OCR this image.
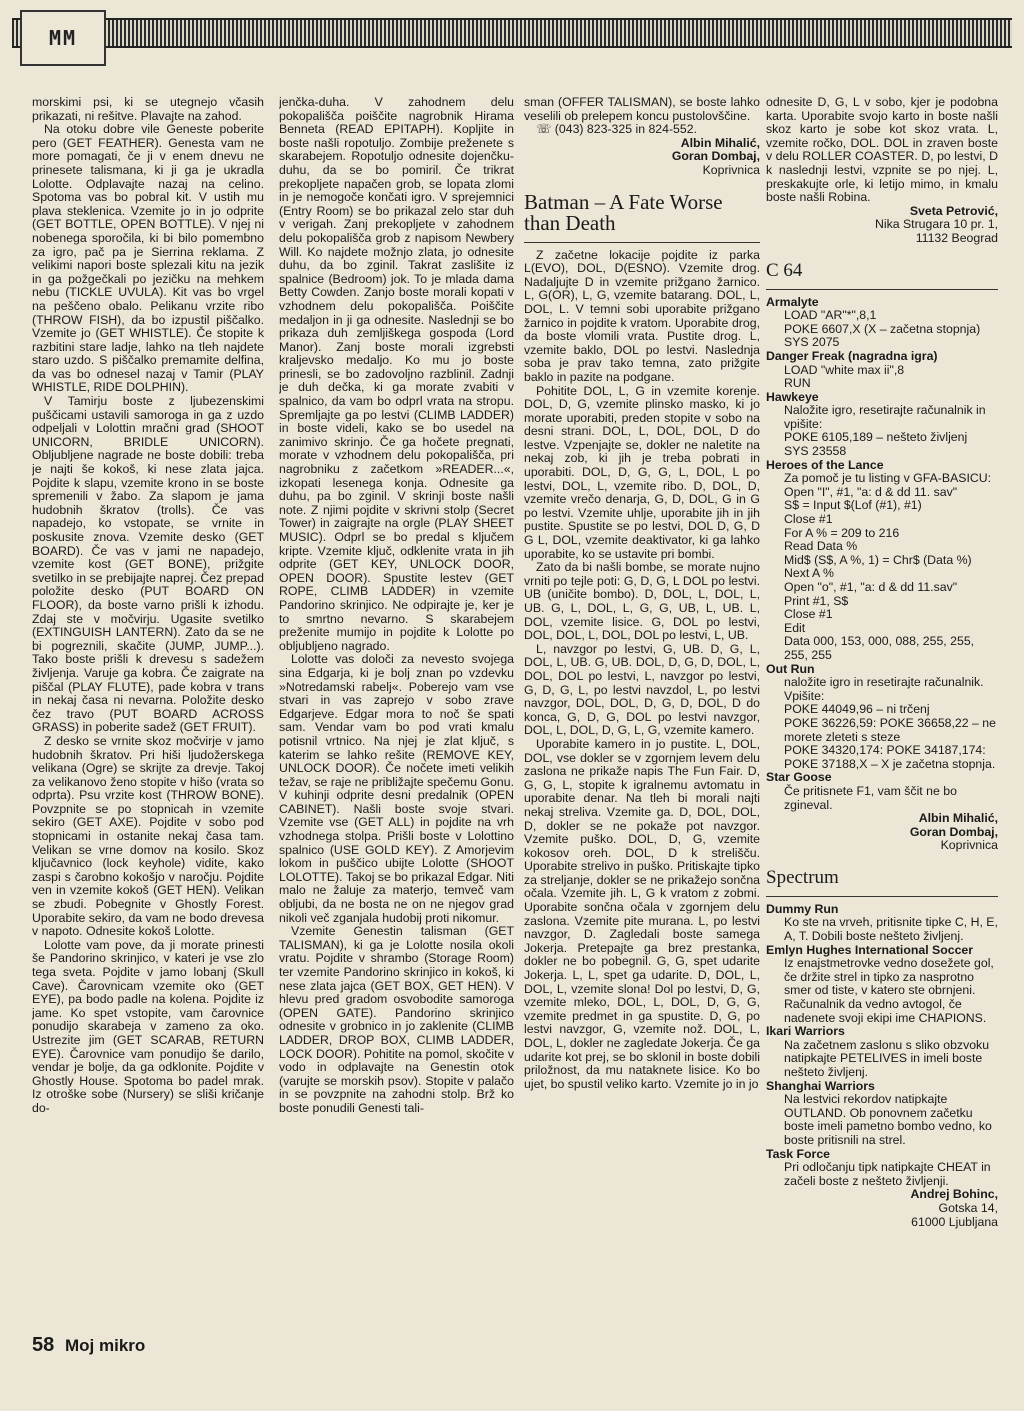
MM

morskimi psi, ki se utegnejo včasih prikazati, ni rešitve. Plavajte na zahod.

Na otoku dobre vile Geneste poberite pero (GET FEATHER). Genesta vam ne more pomagati, če ji v enem dnevu ne prinesete talismana, ki ji ga je ukradla Lolotte. Odplavajte nazaj na celino. Spotoma vas bo pobral kit. V ustih mu plava steklenica. Vzemite jo in jo odprite (GET BOTTLE, OPEN BOTTLE). V njej ni nobenega sporočila, ki bi bilo pomembno za igro, pač pa je Sierrina reklama. Z velikimi napori boste splezali kitu na jezik in ga požgečkali po jezičku na mehkem nebu (TICKLE UVULA). Kit vas bo vrgel na peščeno obalo. Pelikanu vrzite ribo (THROW FISH), da bo izpustil piščalko. Vzemite jo (GET WHISTLE). Če stopite k razbitini stare ladje, lahko na tleh najdete staro uzdo. S piščalko premamite delfina, da vas bo odnesel nazaj v Tamir (PLAY WHISTLE, RIDE DOLPHIN).

V Tamirju boste z ljubezenskimi puščicami ustavili samoroga in ga z uzdo odpeljali v Lolottin mračni grad (SHOOT UNICORN, BRIDLE UNICORN). Obljubljene nagrade ne boste dobili: treba je najti še kokoš, ki nese zlata jajca. Pojdite k slapu, vzemite krono in se boste spremenili v žabo. Za slapom je jama hudobnih škratov (trolls). Če vas napadejo, ko vstopate, se vrnite in poskusite znova. Vzemite desko (GET BOARD). Če vas v jami ne napadejo, vzemite kost (GET BONE), prižgite svetilko in se prebijajte naprej. Čez prepad položite desko (PUT BOARD ON FLOOR), da boste varno prišli k izhodu. Zdaj ste v močvirju. Ugasite svetilko (EXTINGUISH LANTERN). Zato da se ne bi pogreznili, skačite (JUMP, JUMP...). Tako boste prišli k drevesu s sadežem življenja. Varuje ga kobra. Če zaigrate na piščal (PLAY FLUTE), pade kobra v trans in nekaj časa ni nevarna. Položite desko čez travo (PUT BOARD ACROSS GRASS) in poberite sadež (GET FRUIT).

Z desko se vrnite skoz močvirje v jamo hudobnih škratov. Pri hiši ljudožerskega velikana (Ogre) se skrijte za drevje. Takoj za velikanovo ženo stopite v hišo (vrata so odprta). Psu vrzite kost (THROW BONE). Povzpnite se po stopnicah in vzemite sekiro (GET AXE). Pojdite v sobo pod stopnicami in ostanite nekaj časa tam. Velikan se vrne domov na kosilo. Skoz ključavnico (lock keyhole) vidite, kako zaspi s čarobno kokošjo v naročju. Pojdite ven in vzemite kokoš (GET HEN). Velikan se zbudi. Pobegnite v Ghostly Forest. Uporabite sekiro, da vam ne bodo drevesa v napoto. Odnesite kokoš Lolotte.

Lolotte vam pove, da ji morate prinesti še Pandorino skrinjico, v kateri je vse zlo tega sveta. Pojdite v jamo lobanj (Skull Cave). Čarovnicam vzemite oko (GET EYE), pa bodo padle na kolena. Pojdite iz jame. Ko spet vstopite, vam čarovnice ponudijo skarabeja v zameno za oko. Ustrezite jim (GET SCARAB, RETURN EYE). Čarovnice vam ponudijo še darilo, vendar je bolje, da ga odklonite. Pojdite v Ghostly House. Spotoma bo padel mrak. Iz otroške sobe (Nursery) se sliši kričanje do-

jenčka-duha. V zahodnem delu pokopališča poiščite nagrobnik Hirama Benneta (READ EPITAPH). Kopljite in boste našli ropotuljo. Zombije preženete s skarabejem. Ropotuljo odnesite dojenčku-duhu, da se bo pomiril. Če trikrat prekopljete napačen grob, se lopata zlomi in je nemogoče končati igro. V sprejemnici (Entry Room) se bo prikazal zelo star duh v verigah. Zanj prekopljete v zahodnem delu pokopališča grob z napisom Newbery Will. Ko najdete možnjo zlata, jo odnesite duhu, da bo zginil. Takrat zaslišite iz spalnice (Bedroom) jok. To je mlada dama Betty Cowden. Zanjo boste morali kopati v vzhodnem delu pokopališča. Poiščite medaljon in ji ga odnesite. Naslednji se bo prikaza duh zemljiškega gospoda (Lord Manor). Zanj boste morali izgrebsti kraljevsko medaljo. Ko mu jo boste prinesli, se bo zadovoljno razblinil. Zadnji je duh dečka, ki ga morate zvabiti v spalnico, da vam bo odprl vrata na stropu. Spremljajte ga po lestvi (CLIMB LADDER) in boste videli, kako se bo usedel na zanimivo skrinjo. Če ga hočete pregnati, morate v vzhodnem delu pokopališča, pri nagrobniku z začetkom »READER...«, izkopati lesenega konja. Odnesite ga duhu, pa bo zginil. V skrinji boste našli note. Z njimi pojdite v skrivni stolp (Secret Tower) in zaigrajte na orgle (PLAY SHEET MUSIC). Odprl se bo predal s ključem kripte. Vzemite ključ, odklenite vrata in jih odprite (GET KEY, UNLOCK DOOR, OPEN DOOR). Spustite lestev (GET ROPE, CLIMB LADDER) in vzemite Pandorino skrinjico. Ne odpirajte je, ker je to smrtno nevarno. S skarabejem preženite mumijo in pojdite k Lolotte po obljubljeno nagrado.

Lolotte vas določi za nevesto svojega sina Edgarja, ki je bolj znan po vzdevku »Notredamski rabelj«. Poberejo vam vse stvari in vas zaprejo v sobo zrave Edgarjeve. Edgar mora to noč še spati sam. Vendar vam bo pod vrati kmalu potisnil vrtnico. Na njej je zlat ključ, s katerim se lahko rešite (REMOVE KEY, UNLOCK DOOR). Če nočete imeti velikih težav, se raje ne približajte spečemu Gonu. V kuhinji odprite desni predalnik (OPEN CABINET). Našli boste svoje stvari. Vzemite vse (GET ALL) in pojdite na vrh vzhodnega stolpa. Prišli boste v Lolottino spalnico (USE GOLD KEY). Z Amorjevim lokom in puščico ubijte Lolotte (SHOOT LOLOTTE). Takoj se bo prikazal Edgar. Niti malo ne žaluje za materjo, temveč vam obljubi, da ne bosta ne on ne njegov grad nikoli več zganjala hudobij proti nikomur.

Vzemite Genestin talisman (GET TALISMAN), ki ga je Lolotte nosila okoli vratu. Pojdite v shrambo (Storage Room) ter vzemite Pandorino skrinjico in kokoš, ki nese zlata jajca (GET BOX, GET HEN). V hlevu pred gradom osvobodite samoroga (OPEN GATE). Pandorino skrinjico odnesite v grobnico in jo zaklenite (CLIMB LADDER, DROP BOX, CLIMB LADDER, LOCK DOOR). Pohitite na pomol, skočite v vodo in odplavajte na Genestin otok (varujte se morskih psov). Stopite v palačo in se povzpnite na zahodni stolp. Brž ko boste ponudili Genesti tali-

sman (OFFER TALISMAN), se boste lahko veselili ob prelepem koncu pustolovščine.

☏ (043) 823-325 in 824-552.

Albin Mihalić,

Goran Dombaj,

Koprivnica

Batman – A Fate Worse than Death

Z začetne lokacije pojdite iz parka L(EVO), DOL, D(ESNO). Vzemite drog. Nadaljujte D in vzemite prižgano žarnico. L, G(OR), L, G, vzemite batarang. DOL, L, DOL, L. V temni sobi uporabite prižgano žarnico in pojdite k vratom. Uporabite drog, da boste vlomili vrata. Pustite drog. L, vzemite baklo, DOL po lestvi. Naslednja soba je prav tako temna, zato prižgite baklo in pazite na podgane.

Pohitite DOL, L, G in vzemite korenje. DOL, D, G, vzemite plinsko masko, ki jo morate uporabiti, preden stopite v sobo na desni strani. DOL, L, DOL, DOL, D do lestve. Vzpenjajte se, dokler ne naletite na nekaj zob, ki jih je treba pobrati in uporabiti. DOL, D, G, G, L, DOL, L po lestvi, DOL, L, vzemite ribo. D, DOL, D, vzemite vrečo denarja, G, D, DOL, G in G po lestvi. Vzemite uhlje, uporabite jih in jih pustite. Spustite se po lestvi, DOL D, G, D G L, DOL, vzemite deaktivator, ki ga lahko uporabite, ko se ustavite pri bombi.

Zato da bi našli bombe, se morate nujno vrniti po tejle poti: G, D, G, L DOL po lestvi. UB (uničite bombo). D, DOL, L, DOL, L, UB. G, L, DOL, L, G, G, UB, L, UB. L, DOL, vzemite lisice. G, DOL po lestvi, DOL, DOL, L, DOL, DOL po lestvi, L, UB.

L, navzgor po lestvi, G, UB. D, G, L, DOL, L, UB. G, UB. DOL, D, G, D, DOL, L, DOL, DOL po lestvi, L, navzgor po lestvi, G, D, G, L, po lestvi navzdol, L, po lestvi navzgor, DOL, DOL, D, G, D, DOL, D do konca, G, D, G, DOL po lestvi navzgor, DOL, L, DOL, D, G, L, G, vzemite kamero.

Uporabite kamero in jo pustite. L, DOL, DOL, vse dokler se v zgornjem levem delu zaslona ne prikaže napis The Fun Fair. D, G, G, L, stopite k igralnemu avtomatu in uporabite denar. Na tleh bi morali najti nekaj streliva. Vzemite ga. D, DOL, DOL, D, dokler se ne pokaže pot navzgor. Vzemite puško. DOL, D, G, vzemite kokosov oreh. DOL, D k strelišču. Uporabite strelivo in puško. Pritiskajte tipko za streljanje, dokler se ne prikažejo sončna očala. Vzemite jih. L, G k vratom z zobmi. Uporabite sončna očala v zgornjem delu zaslona. Vzemite pite murana. L, po lestvi navzgor, D. Zagledali boste samega Jokerja. Pretepajte ga brez prestanka, dokler ne bo pobegnil. G, G, spet udarite Jokerja. L, L, spet ga udarite. D, DOL, L, DOL, L, vzemite slona! Dol po lestvi, D, G, vzemite mleko, DOL, L, DOL, D, G, G, vzemite predmet in ga spustite. D, G, po lestvi navzgor, G, vzemite nož. DOL, L, DOL, L, dokler ne zagledate Jokerja. Če ga udarite kot prej, se bo sklonil in boste dobili priložnost, da mu nataknete lisice. Ko bo ujet, bo spustil veliko karto. Vzemite jo in jo

odnesite D, G, L v sobo, kjer je podobna karta. Uporabite svojo karto in boste našli skoz karto je sobe kot skoz vrata. L, vzemite ročko, DOL. DOL in zraven boste v delu ROLLER COASTER. D, po lestvi, D k naslednji lestvi, vzpnite se po njej. L, preskakujte orle, ki letijo mimo, in kmalu boste našli Robina.

Sveta Petrović,

Nika Strugara 10 pr. 1,

11132 Beograd

C 64
Armalyte
LOAD "AR"*",8,1
POKE 6607,X (X – začetna stopnja)
SYS 2075
Danger Freak (nagradna igra)
LOAD "white max ii",8
RUN
Hawkeye
Naložite igro, resetirajte računalnik in vpišite:
POKE 6105,189 – nešteto življenj
SYS 23558
Heroes of the Lance
Za pomoč je tu listing v GFA-BASICU:
Open "I", #1, "a: d & dd 11. sav"
S$ = Input $(Lof (#1), #1)
Close #1
For A % = 209 to 216
Read Data %
Mid$ (S$, A %, 1) = Chr$ (Data %)
Next A %
Open "o", #1, "a: d & dd 11.sav"
Print #1, S$
Close #1
Edit
Data 000, 153, 000, 088, 255, 255, 255, 255
Out Run
naložite igro in resetirajte računalnik. Vpišite:
POKE 44049,96 – ni trčenj
POKE 36226,59: POKE 36658,22 – ne morete zleteti s steze
POKE 34320,174: POKE 34187,174: POKE 37188,X – X je začetna stopnja.
Star Goose
Če pritisnete F1, vam ščit ne bo zgineval.

Albin Mihalić,

Goran Dombaj,

Koprivnica

Spectrum
Dummy Run
Ko ste na vrveh, pritisnite tipke C, H, E, A, T. Dobili boste nešteto življenj.
Emlyn Hughes International Soccer
Iz enajstmetrovke vedno dosežete gol, če držite strel in tipko za nasprotno smer od tiste, v katero ste obrnjeni. Računalnik da vedno avtogol, če nadenete svoji ekipi ime CHAPIONS.
Ikari Warriors
Na začetnem zaslonu s sliko obzvoku natipkajte PETELIVES in imeli boste nešteto življenj.
Shanghai Warriors
Na lestvici rekordov natipkajte OUTLAND. Ob ponovnem začetku boste imeli pametno bombo vedno, ko boste pritisnili na strel.
Task Force
Pri odločanju tipk natipkajte CHEAT in začeli boste z nešteto življenji.

Andrej Bohinc,

Gotska 14,

61000 Ljubljana

58 Moj mikro
